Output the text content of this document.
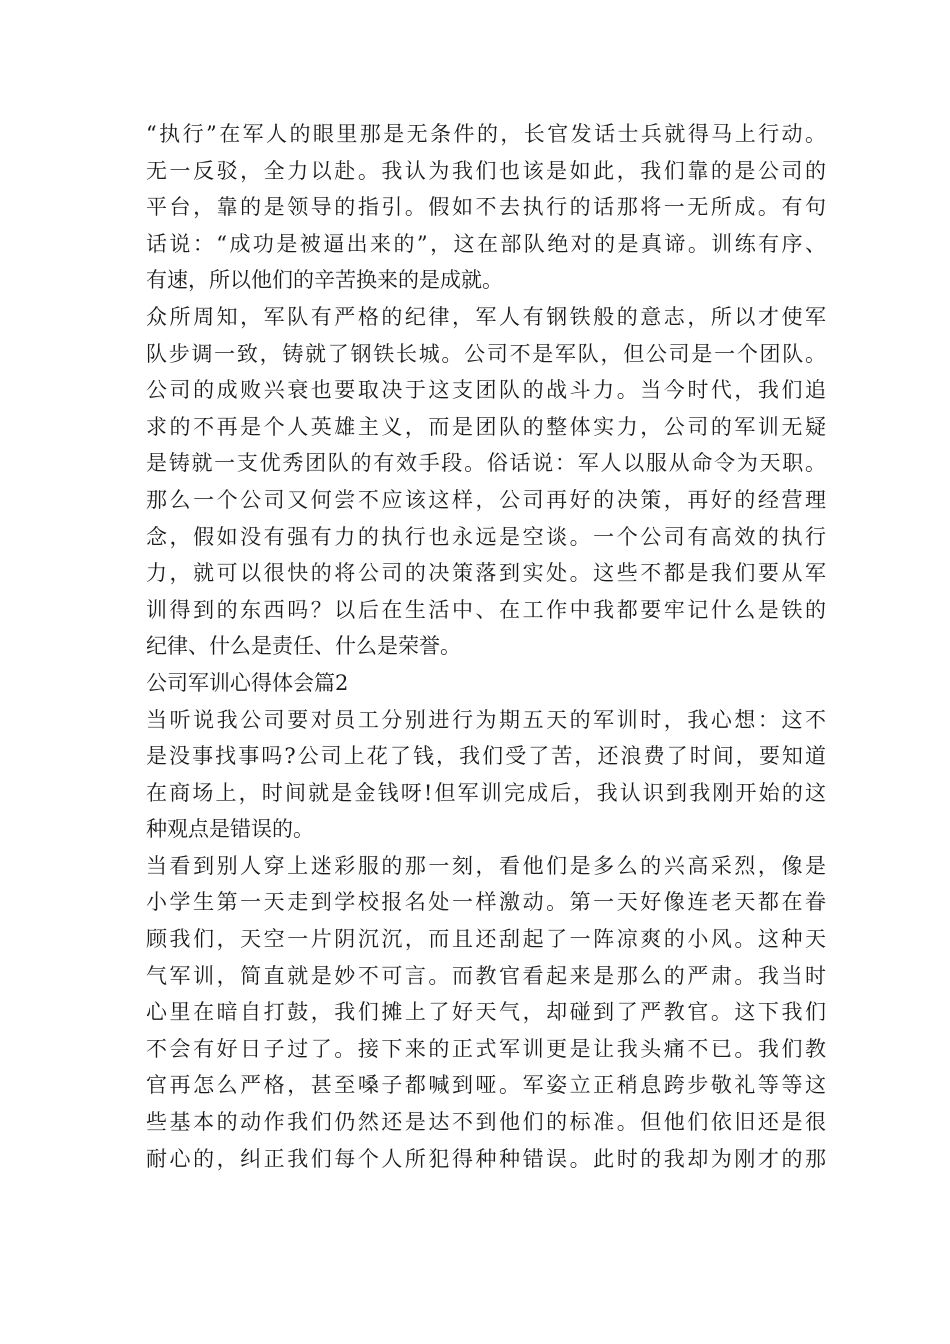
“执行”在军人的眼里那是无条件的，长官发话士兵就得马上行动。
无一反驳，全力以赴。我认为我们也该是如此，我们靠的是公司的
平台，靠的是领导的指引。假如不去执行的话那将一无所成。有句
话说：“成功是被逼出来的”，这在部队绝对的是真谛。训练有序、
有速，所以他们的辛苦换来的是成就。
众所周知，军队有严格的纪律，军人有钢铁般的意志，所以才使军
队步调一致，铸就了钢铁长城。公司不是军队，但公司是一个团队。
公司的成败兴衰也要取决于这支团队的战斗力。当今时代，我们追
求的不再是个人英雄主义，而是团队的整体实力，公司的军训无疑
是铸就一支优秀团队的有效手段。俗话说：军人以服从命令为天职。
那么一个公司又何尝不应该这样，公司再好的决策，再好的经营理
念，假如没有强有力的执行也永远是空谈。一个公司有高效的执行
力，就可以很快的将公司的决策落到实处。这些不都是我们要从军
训得到的东西吗？以后在生活中、在工作中我都要牢记什么是铁的
纪律、什么是责任、什么是荣誉。
公司军训心得体会篇2
当听说我公司要对员工分别进行为期五天的军训时，我心想：这不
是没事找事吗?公司上花了钱，我们受了苦，还浪费了时间，要知道
在商场上，时间就是金钱呀!但军训完成后，我认识到我刚开始的这
种观点是错误的。
当看到别人穿上迷彩服的那一刻，看他们是多么的兴高采烈，像是
小学生第一天走到学校报名处一样激动。第一天好像连老天都在眷
顾我们，天空一片阴沉沉，而且还刮起了一阵凉爽的小风。这种天
气军训，简直就是妙不可言。而教官看起来是那么的严肃。我当时
心里在暗自打鼓，我们摊上了好天气，却碰到了严教官。这下我们
不会有好日子过了。接下来的正式军训更是让我头痛不已。我们教
官再怎么严格，甚至嗓子都喊到哑。军姿立正稍息跨步敬礼等等这
些基本的动作我们仍然还是达不到他们的标准。但他们依旧还是很
耐心的，纠正我们每个人所犯得种种错误。此时的我却为刚才的那
